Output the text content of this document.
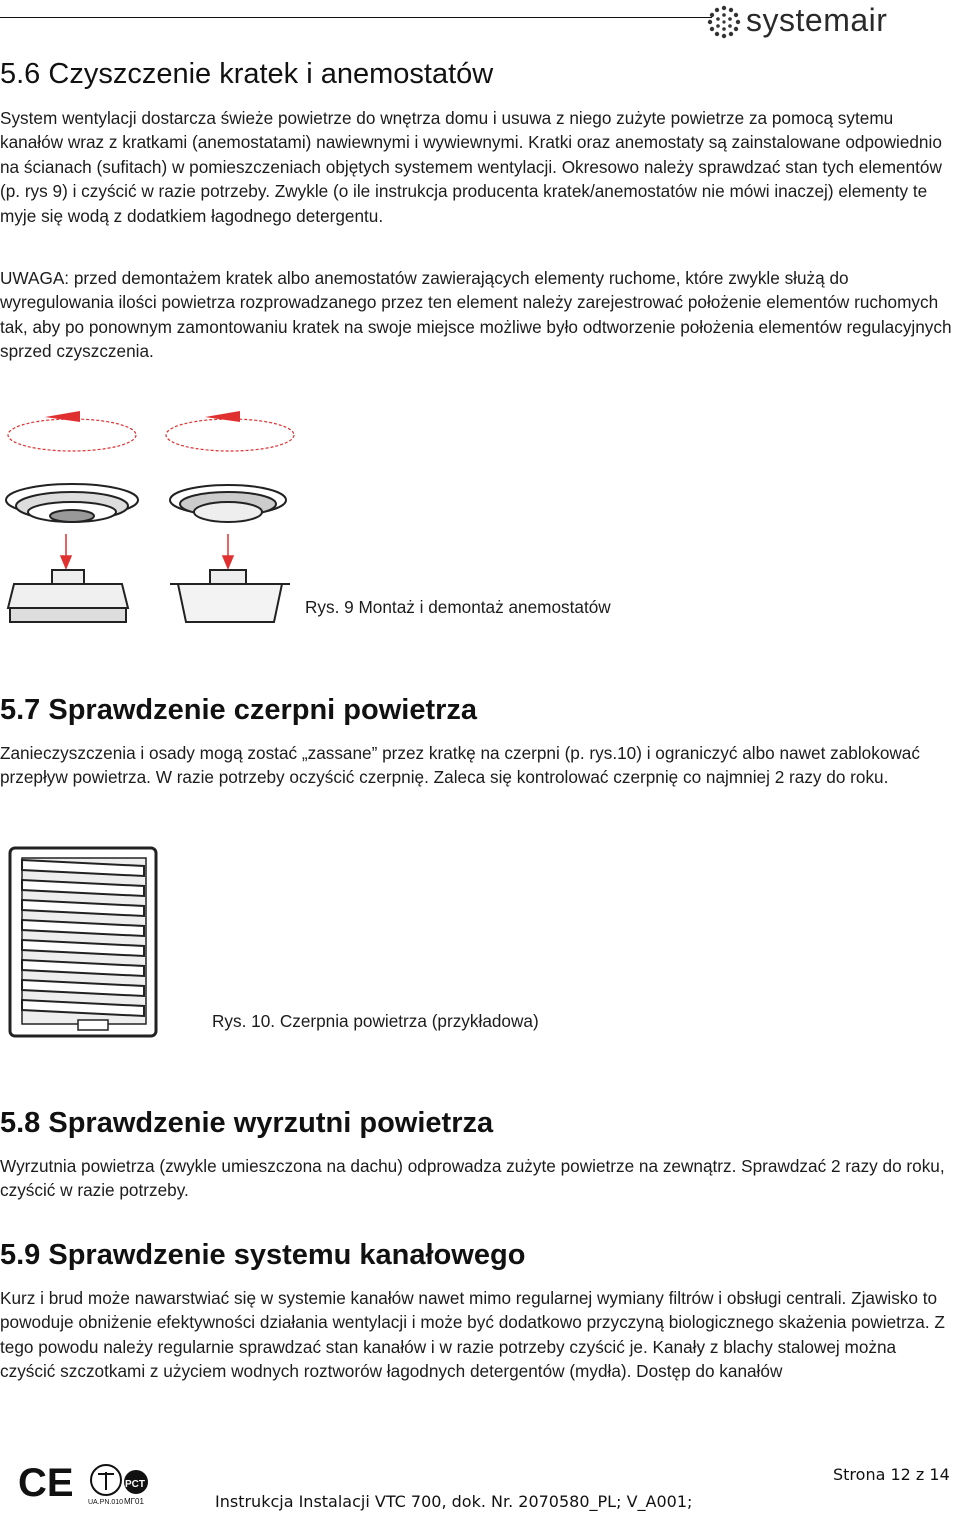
systemair
5.6 Czyszczenie kratek i anemostatów

System wentylacji dostarcza świeże powietrze do wnętrza domu i usuwa z niego zużyte powietrze za pomocą sytemu kanałów wraz z kratkami (anemostatami) nawiewnymi i wywiewnymi. Kratki oraz anemostaty są zainstalowane odpowiednio na ścianach (sufitach) w pomieszczeniach objętych systemem wentylacji. Okresowo należy sprawdzać stan tych elementów (p. rys 9) i czyścić w razie potrzeby. Zwykle (o ile instrukcja producenta kratek/anemostatów nie mówi inaczej) elementy te myje się wodą z dodatkiem łagodnego detergentu.

UWAGA: przed demontażem kratek albo anemostatów zawierających elementy ruchome, które zwykle służą do wyregulowania ilości powietrza rozprowadzanego przez ten element należy zarejestrować położenie elementów ruchomych tak, aby po ponownym zamontowaniu kratek na swoje miejsce możliwe było odtworzenie położenia elementów regulacyjnych sprzed czyszczenia.

Rys. 9 Montaż i demontaż anemostatów
5.7 Sprawdzenie czerpni powietrza

Zanieczyszczenia i osady mogą zostać „zassane” przez kratkę na czerpni (p. rys.10) i ograniczyć albo nawet zablokować przepływ powietrza. W razie potrzeby oczyścić czerpnię. Zaleca się kontrolować czerpnię co najmniej 2 razy do roku.

Rys. 10. Czerpnia powietrza (przykładowa)
5.8 Sprawdzenie wyrzutni powietrza

Wyrzutnia powietrza (zwykle umieszczona na dachu) odprowadza zużyte powietrze na zewnątrz. Sprawdzać 2 razy do roku, czyścić w razie potrzeby.

5.9 Sprawdzenie systemu kanałowego

Kurz i brud może nawarstwiać się w systemie kanałów nawet mimo regularnej wymiany filtrów i obsługi centrali. Zjawisko to powoduje obniżenie efektywności działania wentylacji i może być dodatkowo przyczyną biologicznego skażenia powietrza. Z tego powodu należy regularnie sprawdzać stan kanałów i w razie potrzeby czyścić je. Kanały z blachy stalowej można czyścić szczotkami z użyciem wodnych roztworów łagodnych detergentów (mydła). Dostęp do kanałów

CE UA.PN.010
PCT
МГ01
Strona 12 z 14
Instrukcja Instalacji VTC 700, dok. Nr. 2070580_PL; V_A001;
